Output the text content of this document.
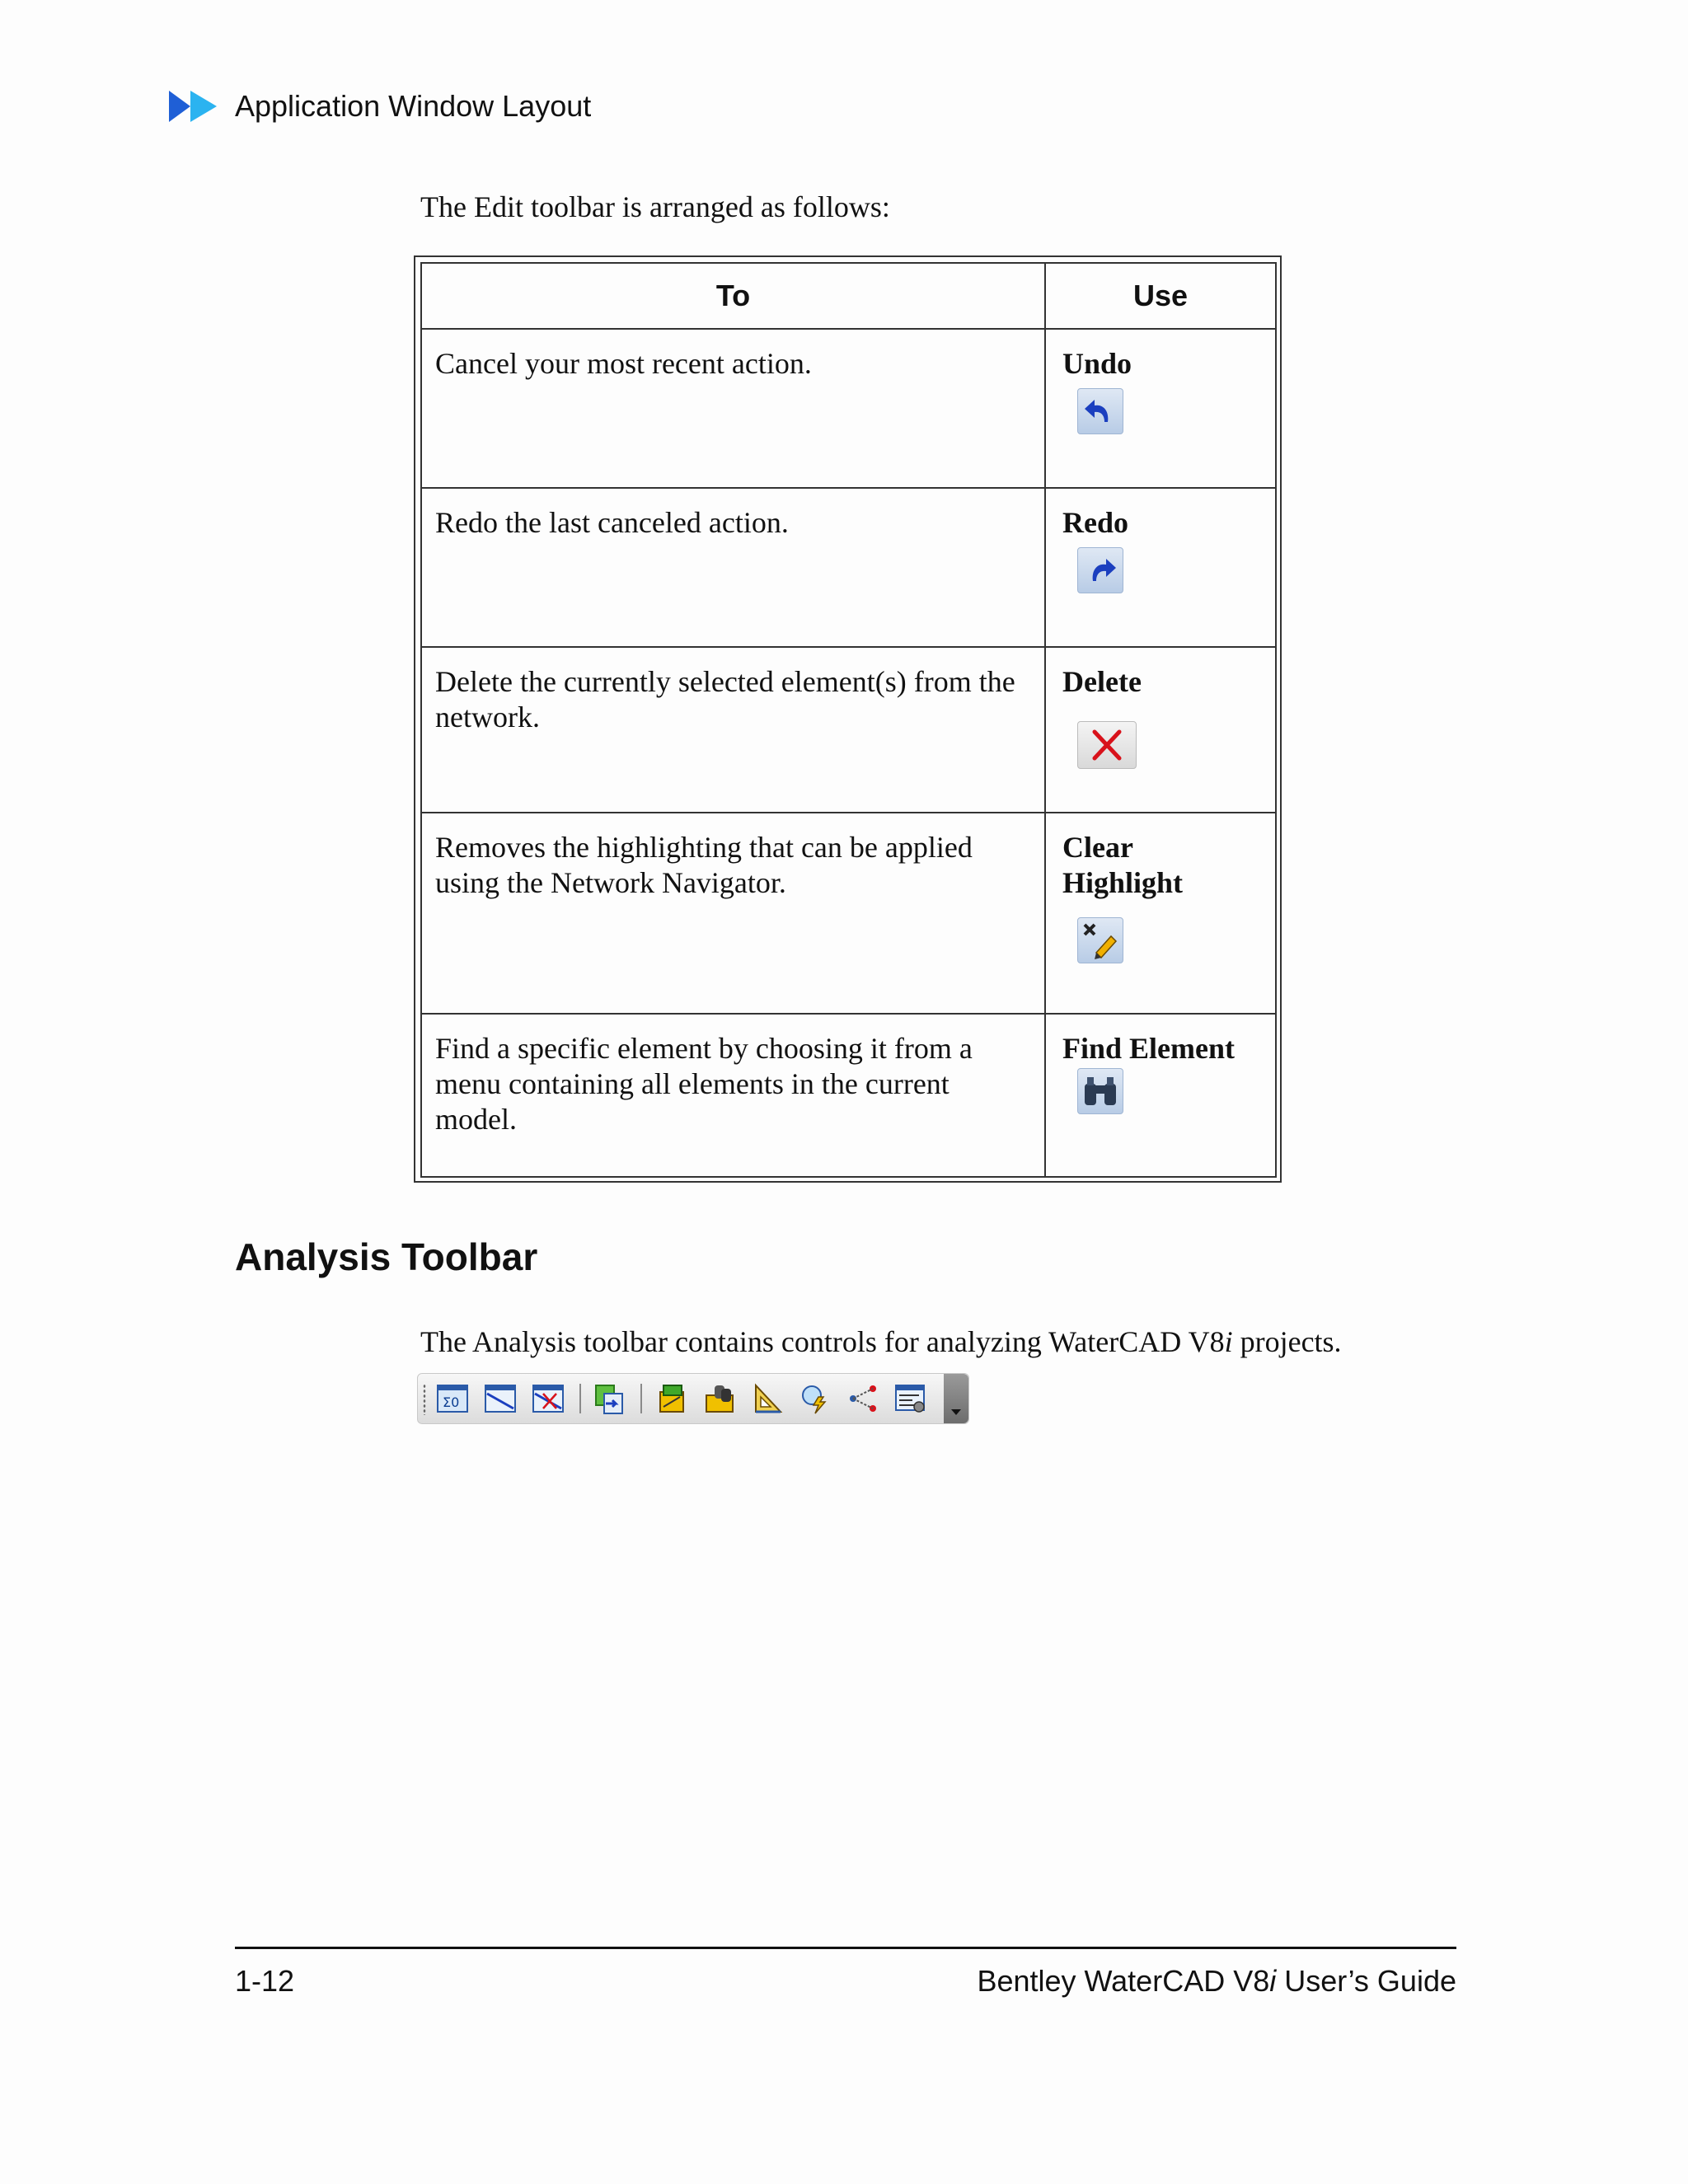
Application Window Layout
The Edit toolbar is arranged as follows:
To	Use
Cancel your most recent action.	Undo

Redo the last canceled action.	Redo

Delete the currently selected element(s) from the network.	Delete

Removes the highlighting that can be applied using the Network Navigator.	Clear Highlight

Find a specific element by choosing it from a menu containing all elements in the current model.	Find Element
Analysis Toolbar
The Analysis toolbar contains controls for analyzing WaterCAD V8i projects.
Σ0
1-12	Bentley WaterCAD V8i User’s Guide
